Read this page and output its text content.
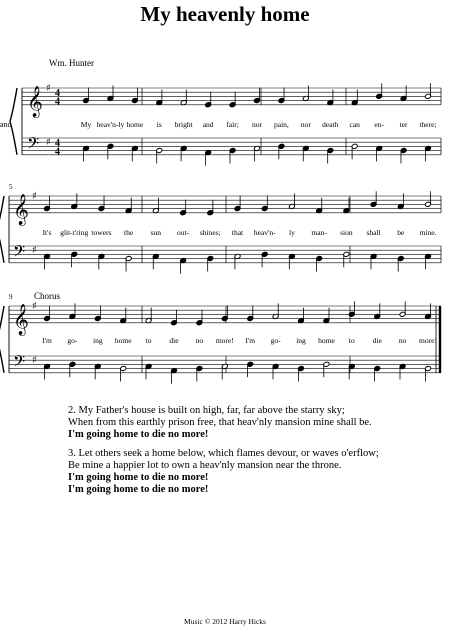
My heavenly home
Wm. Hunter
ano
𝄞
𝄢
♯
♯
4
4
4
4
My heav'n-ly home is bright and fair; nor pain, nor death can en- ter there;
𝄞
𝄢
♯
♯
5
It's glit-t'ring towers the sun out- shines; that heav'n- ly man- sion shall be mine.
𝄞
𝄢
♯
♯
9 Chorus
I'm go- ing home to die no more! I'm go- ing home to die no more!
2. My Father's house is built on high, far, far above the starry sky;
When from this earthly prison free, that heav'nly mansion mine shall be.
I'm going home to die no more!
3. Let others seek a home below, which flames devour, or waves o'erflow;
Be mine a happier lot to own a heav'nly mansion near the throne.
I'm going home to die no more!
I'm going home to die no more!
Music © 2012 Harry Hicks
